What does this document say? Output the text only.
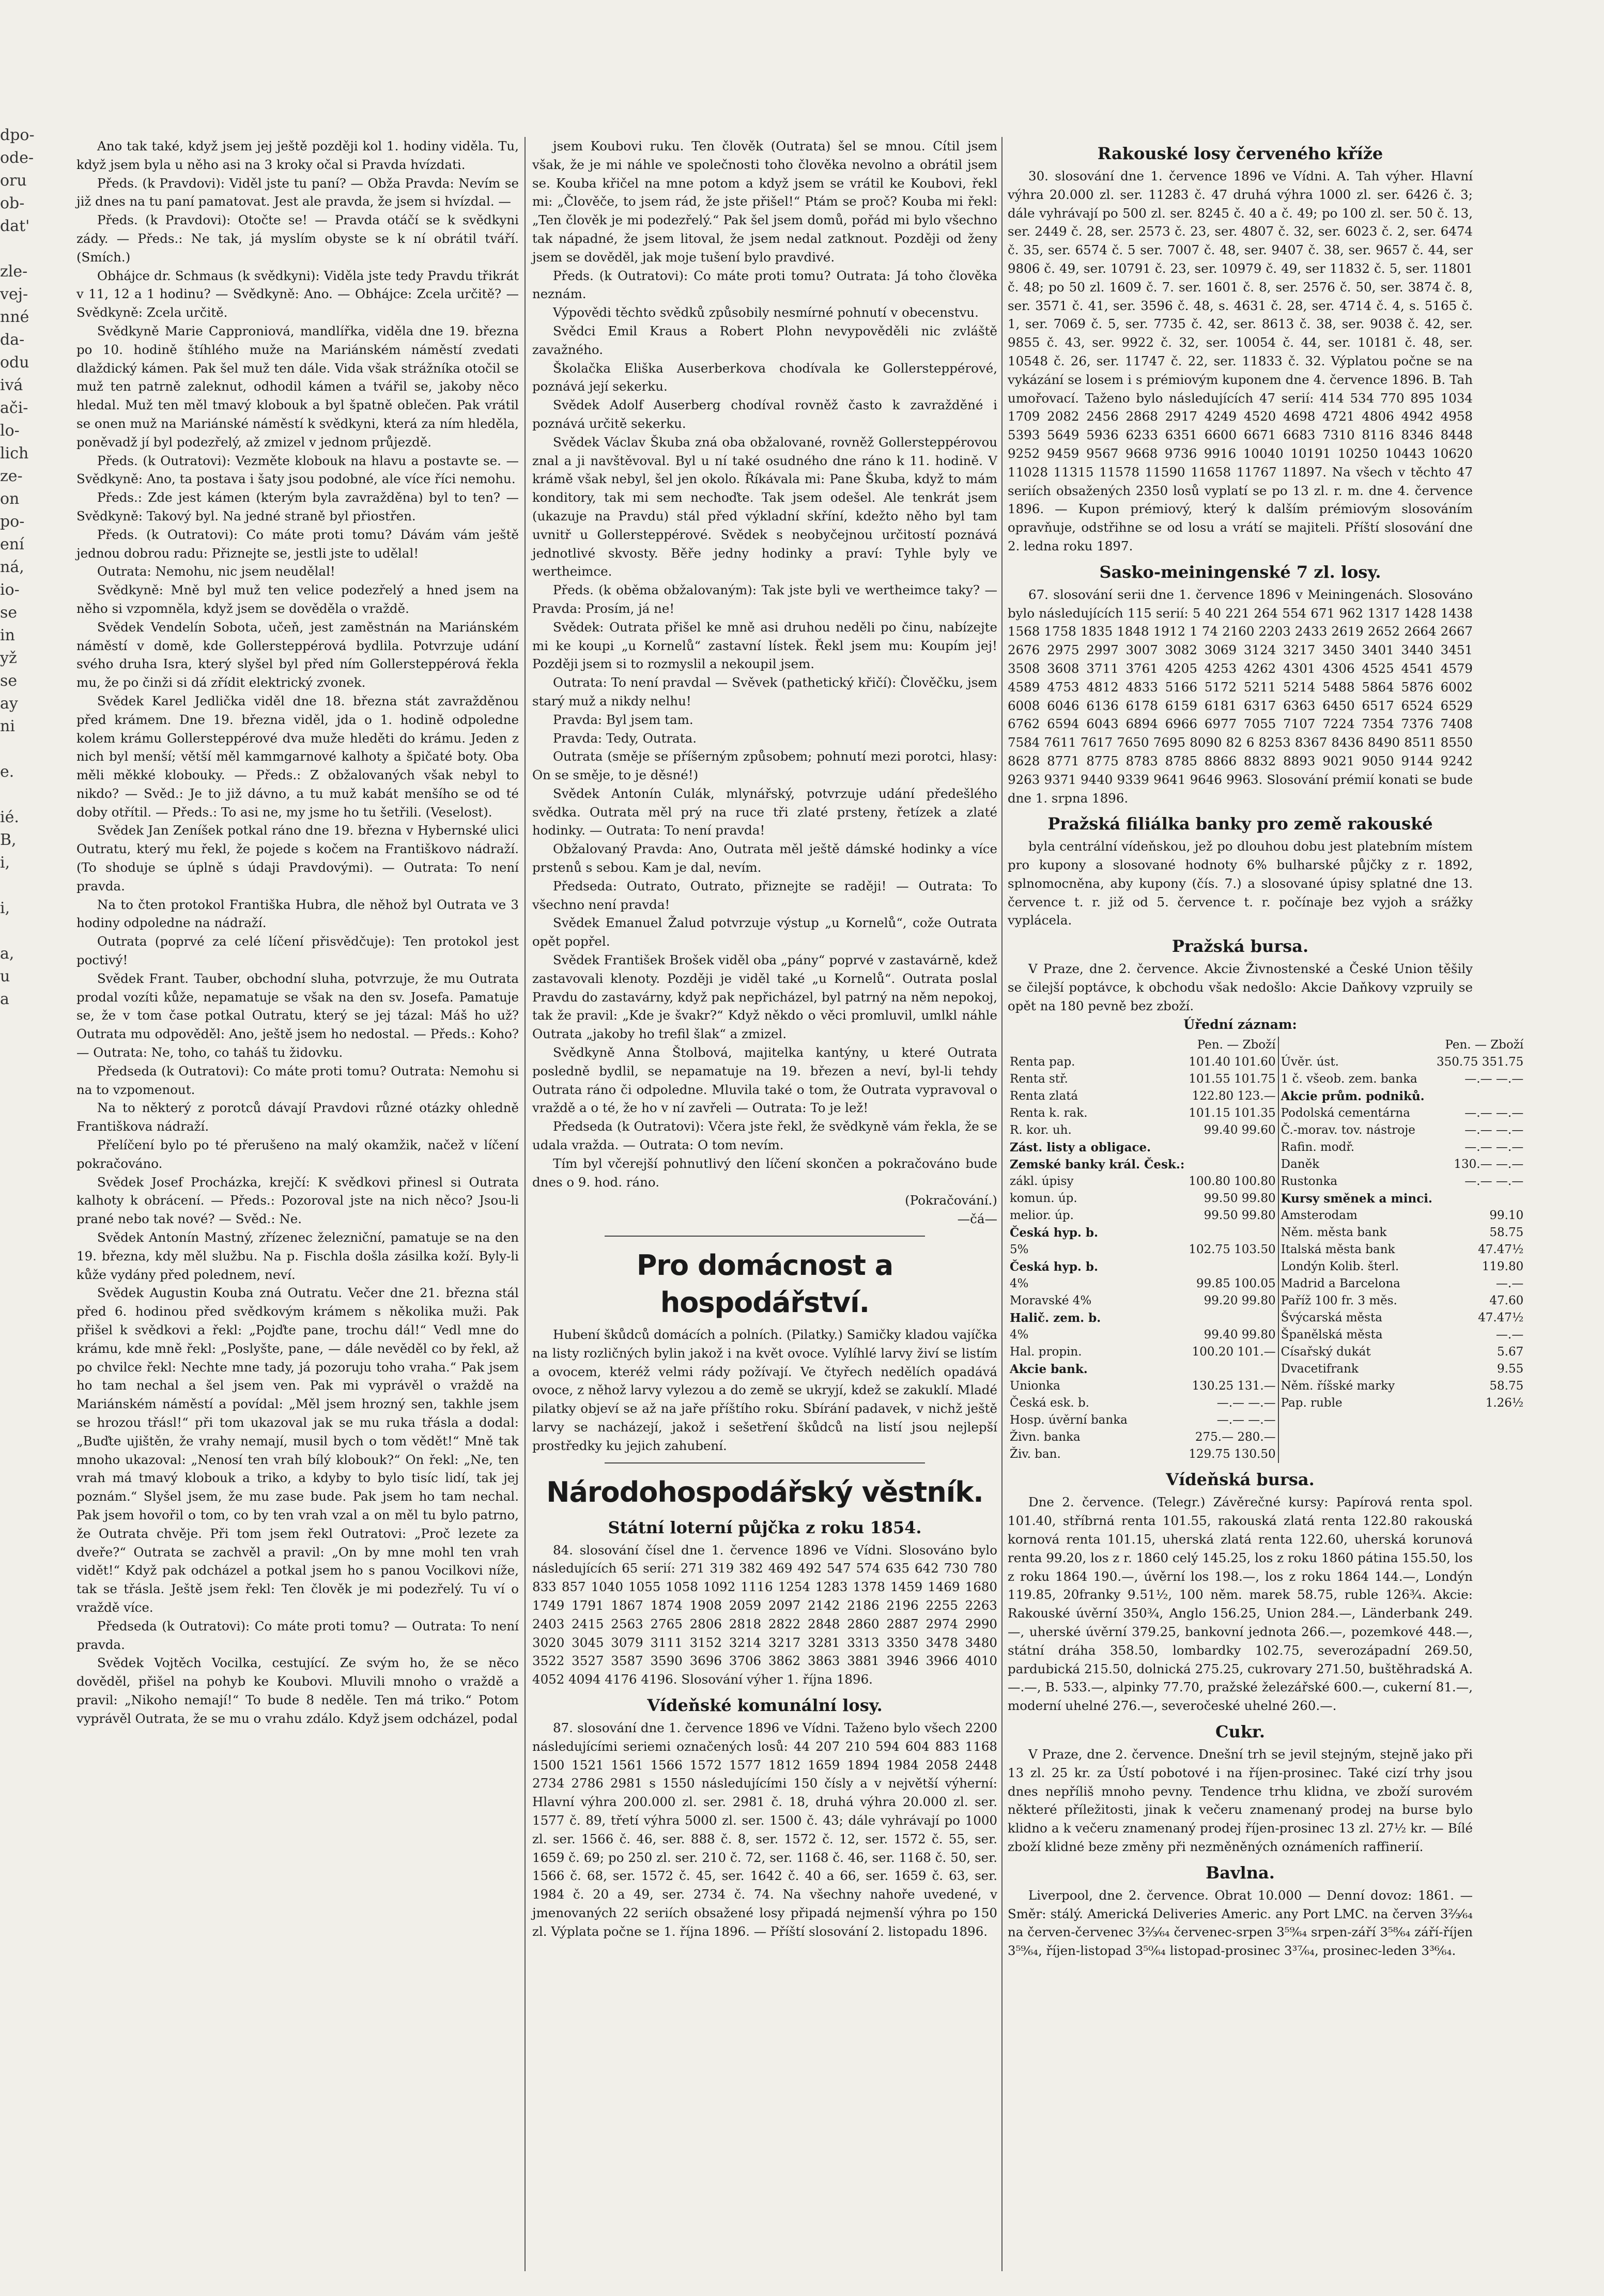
dpo-
ode-
oru
ob-
dat'

zle-
vej-
nné
da-
odu
ivá
ači-
lo-
lich
ze-
on
po-
ení
ná,
io-
se
in
yž
se
ay
ni

e.

ié.
B,
i,

i,

a,
u
a

Ano tak také, když jsem jej ještě později kol 1. hodiny viděla. Tu, když jsem byla u něho asi na 3 kroky očal si Pravda hvízdati.

Předs. (k Pravdovi): Viděl jste tu paní? — Obža Pravda: Nevím se již dnes na tu paní pamatovat. Jest ale pravda, že jsem si hvízdal. —

Předs. (k Pravdovi): Otočte se! — Pravda otáčí se k svědkyni zády. — Předs.: Ne tak, já myslím obyste se k ní obrátil tváří. (Smích.)

Obhájce dr. Schmaus (k svědkyni): Viděla jste tedy Pravdu třikrát v 11, 12 a 1 hodinu? — Svědkyně: Ano. — Obhájce: Zcela určitě? — Svědkyně: Zcela určitě.

Svědkyně Marie Capproniová, mandlířka, viděla dne 19. března po 10. hodině štíhlého muže na Mariánském náměstí zvedati dlaždický kámen. Pak šel muž ten dále. Vida však strážníka otočil se muž ten patrně zaleknut, odhodil kámen a tvářil se, jakoby něco hledal. Muž ten měl tmavý klobouk a byl špatně oblečen. Pak vrátil se onen muž na Mariánské náměstí k svědkyni, která za ním hleděla, poněvadž jí byl podezřelý, až zmizel v jednom průjezdě.

Předs. (k Outratovi): Vezměte klobouk na hlavu a postavte se. — Svědkyně: Ano, ta postava i šaty jsou podobné, ale více říci nemohu.

Předs.: Zde jest kámen (kterým byla zavražděna) byl to ten? — Svědkyně: Takový byl. Na jedné straně byl přiostřen.

Předs. (k Outratovi): Co máte proti tomu? Dávám vám ještě jednou dobrou radu: Přiznejte se, jestli jste to udělal!

Outrata: Nemohu, nic jsem neudělal!

Svědkyně: Mně byl muž ten velice podezřelý a hned jsem na něho si vzpomněla, když jsem se dověděla o vraždě.

Svědek Vendelín Sobota, učeň, jest zaměstnán na Mariánském náměstí v domě, kde Gollersteppérová bydlila. Potvrzuje udání svého druha Isra, který slyšel byl před ním Gollersteppérová řekla mu, že po činži si dá zřídit elektrický zvonek.

Svědek Karel Jedlička viděl dne 18. března stát zavražděnou před krámem. Dne 19. března viděl, jda o 1. hodině odpoledne kolem krámu Gollersteppérové dva muže hleděti do krámu. Jeden z nich byl menší; větší měl kammgarnové kalhoty a špičaté boty. Oba měli měkké klobouky. — Předs.: Z obžalovaných však nebyl to nikdo? — Svěd.: Je to již dávno, a tu muž kabát menšího se od té doby otřítil. — Předs.: To asi ne, my jsme ho tu šetřili. (Veselost).

Svědek Jan Zeníšek potkal ráno dne 19. března v Hybernské ulici Outratu, který mu řekl, že pojede s kočem na Františkovo nádraží. (To shoduje se úplně s údaji Pravdovými). — Outrata: To není pravda.

Na to čten protokol Františka Hubra, dle něhož byl Outrata ve 3 hodiny odpoledne na nádraží.

Outrata (poprvé za celé líčení přisvědčuje): Ten protokol jest poctivý!

Svědek Frant. Tauber, obchodní sluha, potvrzuje, že mu Outrata prodal vozíti kůže, nepamatuje se však na den sv. Josefa. Pamatuje se, že v tom čase potkal Outratu, který se jej tázal: Máš ho už? Outrata mu odpověděl: Ano, ještě jsem ho nedostal. — Předs.: Koho? — Outrata: Ne, toho, co taháš tu židovku.

Předseda (k Outratovi): Co máte proti tomu? Outrata: Nemohu si na to vzpomenout.

Na to některý z porotců dávají Pravdovi různé otázky ohledně Františkova nádraží.

Přelíčení bylo po té přerušeno na malý okamžik, načež v líčení pokračováno.

Svědek Josef Procházka, krejčí: K svědkovi přinesl si Outrata kalhoty k obrácení. — Předs.: Pozoroval jste na nich něco? Jsou-li prané nebo tak nové? — Svěd.: Ne.

Svědek Antonín Mastný, zřízenec železniční, pamatuje se na den 19. března, kdy měl službu. Na p. Fischla došla zásilka koží. Byly-li kůže vydány před polednem, neví.

Svědek Augustin Kouba zná Outratu. Večer dne 21. března stál před 6. hodinou před svědkovým krámem s několika muži. Pak přišel k svědkovi a řekl: „Pojďte pane, trochu dál!“ Vedl mne do krámu, kde mně řekl: „Poslyšte, pane, — dále nevěděl co by řekl, až po chvilce řekl: Nechte mne tady, já pozoruju toho vraha.“ Pak jsem ho tam nechal a šel jsem ven. Pak mi vyprávěl o vraždě na Mariánském náměstí a povídal: „Měl jsem hrozný sen, takhle jsem se hrozou třásl!“ při tom ukazoval jak se mu ruka třásla a dodal: „Buďte ujištěn, že vrahy nemají, musil bych o tom vědět!“ Mně tak mnoho ukazoval: „Nenosí ten vrah bílý klobouk?“ On řekl: „Ne, ten vrah má tmavý klobouk a triko, a kdyby to bylo tisíc lidí, tak jej poznám.“ Slyšel jsem, že mu zase bude. Pak jsem ho tam nechal. Pak jsem hovořil o tom, co by ten vrah vzal a on měl tu bylo patrno, že Outrata chvěje. Při tom jsem řekl Outratovi: „Proč lezete za dveře?“ Outrata se zachvěl a pravil: „On by mne mohl ten vrah vidět!“ Když pak odcházel a potkal jsem ho s panou Vocilkovi níže, tak se třásla. Ještě jsem řekl: Ten člověk je mi podezřelý. Tu ví o vraždě více.

Předseda (k Outratovi): Co máte proti tomu? — Outrata: To není pravda.

Svědek Vojtěch Vocilka, cestující. Ze svým ho, že se něco dověděl, přišel na pohyb ke Koubovi. Mluvili mnoho o vraždě a pravil: „Nikoho nemají!“ To bude 8 neděle. Ten má triko.“ Potom vyprávěl Outrata, že se mu o vrahu zdálo. Když jsem odcházel, podal

jsem Koubovi ruku. Ten člověk (Outrata) šel se mnou. Cítil jsem však, že je mi náhle ve společnosti toho člověka nevolno a obrátil jsem se. Kouba křičel na mne potom a když jsem se vrátil ke Koubovi, řekl mi: „Člověče, to jsem rád, že jste přišel!“ Ptám se proč? Kouba mi řekl: „Ten člověk je mi podezřelý.“ Pak šel jsem domů, pořád mi bylo všechno tak nápadné, že jsem litoval, že jsem nedal zatknout. Později od ženy jsem se dověděl, jak moje tušení bylo pravdivé.

Předs. (k Outratovi): Co máte proti tomu? Outrata: Já toho člověka neznám.

Výpovědi těchto svědků způsobily nesmírné pohnutí v obecenstvu.

Svědci Emil Kraus a Robert Plohn nevypověděli nic zvláště zavažného.

Školačka Eliška Auserberkova chodívala ke Gollersteppérové, poznává její sekerku.

Svědek Adolf Auserberg chodíval rovněž často k zavražděné i poznává určitě sekerku.

Svědek Václav Škuba zná oba obžalované, rovněž Gollersteppérovou znal a ji navštěvoval. Byl u ní také osudného dne ráno k 11. hodině. V krámě však nebyl, šel jen okolo. Říkávala mi: Pane Škuba, když to mám konditory, tak mi sem nechoďte. Tak jsem odešel. Ale tenkrát jsem (ukazuje na Pravdu) stál před výkladní skříní, kdežto něho byl tam uvnitř u Gollersteppérové. Svědek s neobyčejnou určitostí poznává jednotlivé skvosty. Běře jedny hodinky a praví: Tyhle byly ve wertheimce.

Předs. (k oběma obžalovaným): Tak jste byli ve wertheimce taky? — Pravda: Prosím, já ne!

Svědek: Outrata přišel ke mně asi druhou neděli po činu, nabízejte mi ke koupi „u Kornelů“ zastavní lístek. Řekl jsem mu: Koupím jej! Později jsem si to rozmyslil a nekoupil jsem.

Outrata: To není pravdal — Svěvek (pathetický křičí): Člověčku, jsem starý muž a nikdy nelhu!

Pravda: Byl jsem tam.

Pravda: Tedy, Outrata.

Outrata (směje se příšerným způsobem; pohnutí mezi porotci, hlasy: On se směje, to je děsné!)

Svědek Antonín Culák, mlynářský, potvrzuje udání předešlého svědka. Outrata měl prý na ruce tři zlaté prsteny, řetízek a zlaté hodinky. — Outrata: To není pravda!

Obžalovaný Pravda: Ano, Outrata měl ještě dámské hodinky a více prstenů s sebou. Kam je dal, nevím.

Předseda: Outrato, Outrato, přiznejte se raději! — Outrata: To všechno není pravda!

Svědek Emanuel Žalud potvrzuje výstup „u Kornelů“, cože Outrata opět popřel.

Svědek František Brošek viděl oba „pány“ poprvé v zastavárně, kdež zastavovali klenoty. Později je viděl také „u Kornelů“. Outrata poslal Pravdu do zastavárny, když pak nepřicházel, byl patrný na něm nepokoj, tak že pravil: „Kde je švakr?“ Když někdo o věci promluvil, umlkl náhle Outrata „jakoby ho trefil šlak“ a zmizel.

Svědkyně Anna Štolbová, majitelka kantýny, u které Outrata posledně bydlil, se nepamatuje na 19. březen a neví, byl-li tehdy Outrata ráno či odpoledne. Mluvila také o tom, že Outrata vypravoval o vraždě a o té, že ho v ní zavřeli — Outrata: To je lež!

Předseda (k Outratovi): Včera jste řekl, že svědkyně vám řekla, že se udala vražda. — Outrata: O tom nevím.

Tím byl včerejší pohnutlivý den líčení skončen a pokračováno bude dnes o 9. hod. ráno.

(Pokračování.)

—čá—

Pro domácnost a hospodářství.

Hubení škůdců domácích a polních. (Pilatky.) Samičky kladou vajíčka na listy rozličných bylin jakož i na květ ovoce. Vylíhlé larvy živí se listím a ovocem, kteréž velmi rády požívají. Ve čtyřech nedělích opadává ovoce, z něhož larvy vylezou a do země se ukryjí, kdež se zakuklí. Mladé pilatky objeví se až na jaře příštího roku. Sbírání padavek, v nichž ještě larvy se nacházejí, jakož i sešetření škůdců na listí jsou nejlepší prostředky ku jejich zahubení.

Národohospodářský věstník.
Státní loterní půjčka z roku 1854.

84. slosování čísel dne 1. července 1896 ve Vídni. Slosováno bylo následujících 65 serií: 271 319 382 469 492 547 574 635 642 730 780 833 857 1040 1055 1058 1092 1116 1254 1283 1378 1459 1469 1680 1749 1791 1867 1874 1908 2059 2097 2142 2186 2196 2255 2263 2403 2415 2563 2765 2806 2818 2822 2848 2860 2887 2974 2990 3020 3045 3079 3111 3152 3214 3217 3281 3313 3350 3478 3480 3522 3527 3587 3590 3696 3706 3862 3863 3881 3946 3966 4010 4052 4094 4176 4196. Slosování výher 1. října 1896.

Vídeňské komunální losy.

87. slosování dne 1. července 1896 ve Vídni. Taženo bylo všech 2200 následujícími seriemi označených losů: 44 207 210 594 604 883 1168 1500 1521 1561 1566 1572 1577 1812 1659 1894 1984 2058 2448 2734 2786 2981 s 1550 následujícími 150 čísly a v největší výherní: Hlavní výhra 200.000 zl. ser. 2981 č. 18, druhá výhra 20.000 zl. ser. 1577 č. 89, třetí výhra 5000 zl. ser. 1500 č. 43; dále vyhrávají po 1000 zl. ser. 1566 č. 46, ser. 888 č. 8, ser. 1572 č. 12, ser. 1572 č. 55, ser. 1659 č. 69; po 250 zl. ser. 210 č. 72, ser. 1168 č. 46, ser. 1168 č. 50, ser. 1566 č. 68, ser. 1572 č. 45, ser. 1642 č. 40 a 66, ser. 1659 č. 63, ser. 1984 č. 20 a 49, ser. 2734 č. 74. Na všechny nahoře uvedené, v jmenovaných 22 seriích obsažené losy připadá nejmenší výhra po 150 zl. Výplata počne se 1. října 1896. — Příští slosování 2. listopadu 1896.

Rakouské losy červeného kříže

30. slosování dne 1. července 1896 ve Vídni. A. Tah výher. Hlavní výhra 20.000 zl. ser. 11283 č. 47 druhá výhra 1000 zl. ser. 6426 č. 3; dále vyhrávají po 500 zl. ser. 8245 č. 40 a č. 49; po 100 zl. ser. 50 č. 13, ser. 2449 č. 28, ser. 2573 č. 23, ser. 4807 č. 32, ser. 6023 č. 2, ser. 6474 č. 35, ser. 6574 č. 5 ser. 7007 č. 48, ser. 9407 č. 38, ser. 9657 č. 44, ser 9806 č. 49, ser. 10791 č. 23, ser. 10979 č. 49, ser 11832 č. 5, ser. 11801 č. 48; po 50 zl. 1609 č. 7. ser. 1601 č. 8, ser. 2576 č. 50, ser. 3874 č. 8, ser. 3571 č. 41, ser. 3596 č. 48, s. 4631 č. 28, ser. 4714 č. 4, s. 5165 č. 1, ser. 7069 č. 5, ser. 7735 č. 42, ser. 8613 č. 38, ser. 9038 č. 42, ser. 9855 č. 43, ser. 9922 č. 32, ser. 10054 č. 44, ser. 10181 č. 48, ser. 10548 č. 26, ser. 11747 č. 22, ser. 11833 č. 32. Výplatou počne se na vykázání se losem i s prémiovým kuponem dne 4. července 1896. B. Tah umořovací. Taženo bylo následujících 47 serií: 414 534 770 895 1034 1709 2082 2456 2868 2917 4249 4520 4698 4721 4806 4942 4958 5393 5649 5936 6233 6351 6600 6671 6683 7310 8116 8346 8448 9252 9459 9567 9668 9736 9916 10040 10191 10250 10443 10620 11028 11315 11578 11590 11658 11767 11897. Na všech v těchto 47 seriích obsažených 2350 losů vyplatí se po 13 zl. r. m. dne 4. července 1896. — Kupon prémiový, který k dalším prémiovým slosováním opravňuje, odstřihne se od losu a vrátí se majiteli. Příští slosování dne 2. ledna roku 1897.

Sasko-meiningenské 7 zl. losy.

67. slosování serii dne 1. července 1896 v Meiningenách. Slosováno bylo následujících 115 serií: 5 40 221 264 554 671 962 1317 1428 1438 1568 1758 1835 1848 1912 1 74 2160 2203 2433 2619 2652 2664 2667 2676 2975 2997 3007 3082 3069 3124 3217 3450 3401 3440 3451 3508 3608 3711 3761 4205 4253 4262 4301 4306 4525 4541 4579 4589 4753 4812 4833 5166 5172 5211 5214 5488 5864 5876 6002 6008 6046 6136 6178 6159 6181 6317 6363 6450 6517 6524 6529 6762 6594 6043 6894 6966 6977 7055 7107 7224 7354 7376 7408 7584 7611 7617 7650 7695 8090 82 6 8253 8367 8436 8490 8511 8550 8628 8771 8775 8783 8785 8866 8832 8893 9021 9050 9144 9242 9263 9371 9440 9339 9641 9646 9963. Slosování prémií konati se bude dne 1. srpna 1896.

Pražská filiálka banky pro země rakouské

byla centrální vídeňskou, jež po dlouhou dobu jest platebním místem pro kupony a slosované hodnoty 6% bulharské půjčky z r. 1892, splnomocněna, aby kupony (čís. 7.) a slosované úpisy splatné dne 13. července t. r. již od 5. července t. r. počínaje bez vyjoh a srážky vyplácela.

Pražská bursa.

V Praze, dne 2. července. Akcie Živnostenské a České Union těšily se čilejší poptávce, k obchodu však nedošlo: Akcie Daňkovy vzpruily se opět na 180 pevně bez zboží.

Úřední záznam:
	Pen. — Zboží
Renta pap.	101.40 101.60
Renta stř.	101.55 101.75
Renta zlatá	122.80 123.—
Renta k. rak.	101.15 101.35
R. kor. uh.	99.40 99.60
Zást. listy a obligace.	
Zemské banky král. Česk.:	
zákl. úpisy	100.80 100.80
komun. úp.	99.50 99.80
melior. úp.	99.50 99.80
Česká hyp. b.	
5%	102.75 103.50
Česká hyp. b.	
4%	99.85 100.05
Moravské 4%	99.20 99.80
Halič. zem. b.	
4%	99.40 99.80
Hal. propin.	100.20 101.—
Akcie bank.	
Unionka	130.25 131.—
Česká esk. b.	—.— —.—
Hosp. úvěrní banka	—.— —.—
Živn. banka	275.— 280.—
Živ. ban.	129.75 130.50
	Pen. — Zboží
Úvěr. úst.	350.75 351.75
1 č. všeob. zem. banka	—.— —.—
Akcie prům. podniků.	
Podolská cementárna	—.— —.—
Č.-morav. tov. nástroje	—.— —.—
Rafin. modř.	—.— —.—
Daněk	130.— —.—
Rustonka	—.— —.—
Kursy směnek a minci.	
Amsterodam	99.10
Něm. města bank	58.75
Italská města bank	47.47½
Londýn Kolib. šterl.	119.80
Madrid a Barcelona	—.—
Paříž 100 fr. 3 měs.	47.60
Švýcarská města	47.47½
Španělská města	—.—
Císařský dukát	5.67
Dvacetifrank	9.55
Něm. říšské marky	58.75
Pap. ruble	1.26½
Vídeňská bursa.

Dne 2. července. (Telegr.) Závěrečné kursy: Papírová renta spol. 101.40, stříbrná renta 101.55, rakouská zlatá renta 122.80 rakouská kornová renta 101.15, uherská zlatá renta 122.60, uherská korunová renta 99.20, los z r. 1860 celý 145.25, los z roku 1860 pátina 155.50, los z roku 1864 190.—, úvěrní los 198.—, los z roku 1864 144.—, Londýn 119.85, 20franky 9.51½, 100 něm. marek 58.75, ruble 126¾. Akcie: Rakouské úvěrní 350¾, Anglo 156.25, Union 284.—, Länderbank 249.—, uherské úvěrní 379.25, bankovní jednota 266.—, pozemkové 448.—, státní dráha 358.50, lombardky 102.75, severozápadní 269.50, pardubická 215.50, dolnická 275.25, cukrovary 271.50, buštěhradská A. —.—, B. 533.—, alpinky 77.70, pražské železářské 600.—, cukerní 81.—, moderní uhelné 276.—, severočeské uhelné 260.—.

Cukr.

V Praze, dne 2. července. Dnešní trh se jevil stejným, stejně jako při 13 zl. 25 kr. za Ústí pobotové i na říjen-prosinec. Také cizí trhy jsou dnes nepříliš mnoho pevny. Tendence trhu klidna, ve zboží surovém některé příležitosti, jinak k večeru znamenaný prodej na burse bylo klidno a k večeru znamenaný prodej říjen-prosinec 13 zl. 27½ kr. — Bílé zboží klidné beze změny při nezměněných oznámeních raffinerií.

Bavlna.

Liverpool, dne 2. července. Obrat 10.000 — Denní dovoz: 1861. — Směr: stálý. Americká Deliveries Americ. any Port LMC. na červen 3⅔⁄₆₄ na červen-červenec 3⅔⁄₆₄ červenec-srpen 3⁵⁹⁄₆₄ srpen-září 3⁵⁸⁄₆₄ září-říjen 3⁵⁹⁄₆₄, říjen-listopad 3⁵⁰⁄₆₄ listopad-prosinec 3³⁷⁄₆₄, prosinec-leden 3³⁶⁄₆₄.
